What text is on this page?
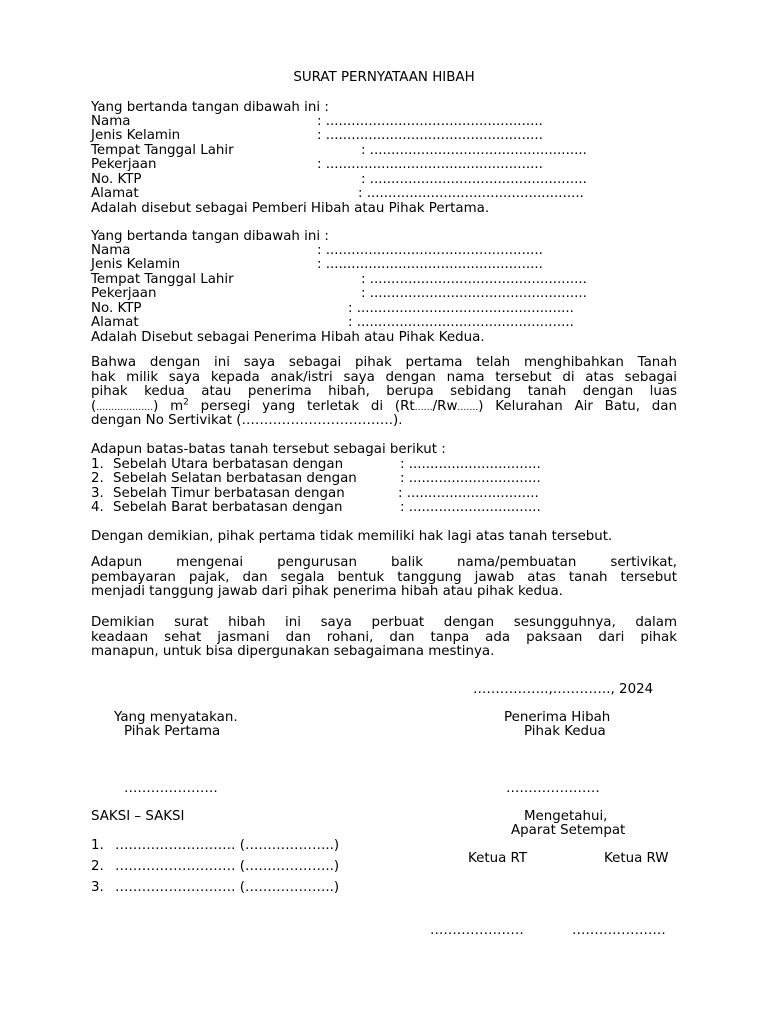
SURAT PERNYATAAN HIBAH
Yang bertanda tangan dibawah ini :
Nama	: ...................................................
Jenis Kelamin	: ...................................................
Tempat Tanggal Lahir	: ...................................................
Pekerjaan	: ...................................................
No. KTP	: ...................................................
Alamat	: ...................................................
Adalah disebut sebagai Pemberi Hibah atau Pihak Pertama.
Yang bertanda tangan dibawah ini :
Nama	: ...................................................
Jenis Kelamin	: ...................................................
Tempat Tanggal Lahir	: ...................................................
Pekerjaan	: ...................................................
No. KTP	: ...................................................
Alamat	: ...................................................
Adalah Disebut sebagai Penerima Hibah atau Pihak Kedua.
Bahwa dengan ini saya sebagai pihak pertama telah menghibahkan Tanah
hak milik saya kepada anak/istri saya dengan nama tersebut di atas sebagai
pihak kedua atau penerima hibah, berupa sebidang tanah dengan luas
(……………….) $m^2$ persegi yang terletak di (Rt……/Rw…….) Kelurahan Air Batu, dan
dengan No Sertivikat (…………………………….).
Adapun batas-batas tanah tersebut sebagai berikut :
1. Sebelah Utara berbatasan dengan	: ...............................
2. Sebelah Selatan berbatasan dengan	: ...............................
3. Sebelah Timur berbatasan dengan	: ...............................
4. Sebelah Barat berbatasan dengan	: ...............................
Dengan demikian, pihak pertama tidak memiliki hak lagi atas tanah tersebut.
Adapun mengenai pengurusan balik nama/pembuatan sertivikat,
pembayaran pajak, dan segala bentuk tanggung jawab atas tanah tersebut
menjadi tanggung jawab dari pihak penerima hibah atau pihak kedua.
Demikian surat hibah ini saya perbuat dengan sesungguhnya, dalam
keadaan sehat jasmani dan rohani, dan tanpa ada paksaan dari pihak
manapun, untuk bisa dipergunakan sebagaimana mestinya.
……………..,…………., 2024
Yang menyatakan.
Pihak Pertama
Penerima Hibah
Pihak Kedua
…………………	…………………
SAKSI – SAKSI
1. ……………………… (………………..)
2. ……………………… (………………..)
3. ……………………… (………………..)
Mengetahui,
Aparat Setempat
Ketua RT	Ketua RW
…………………	…………………
